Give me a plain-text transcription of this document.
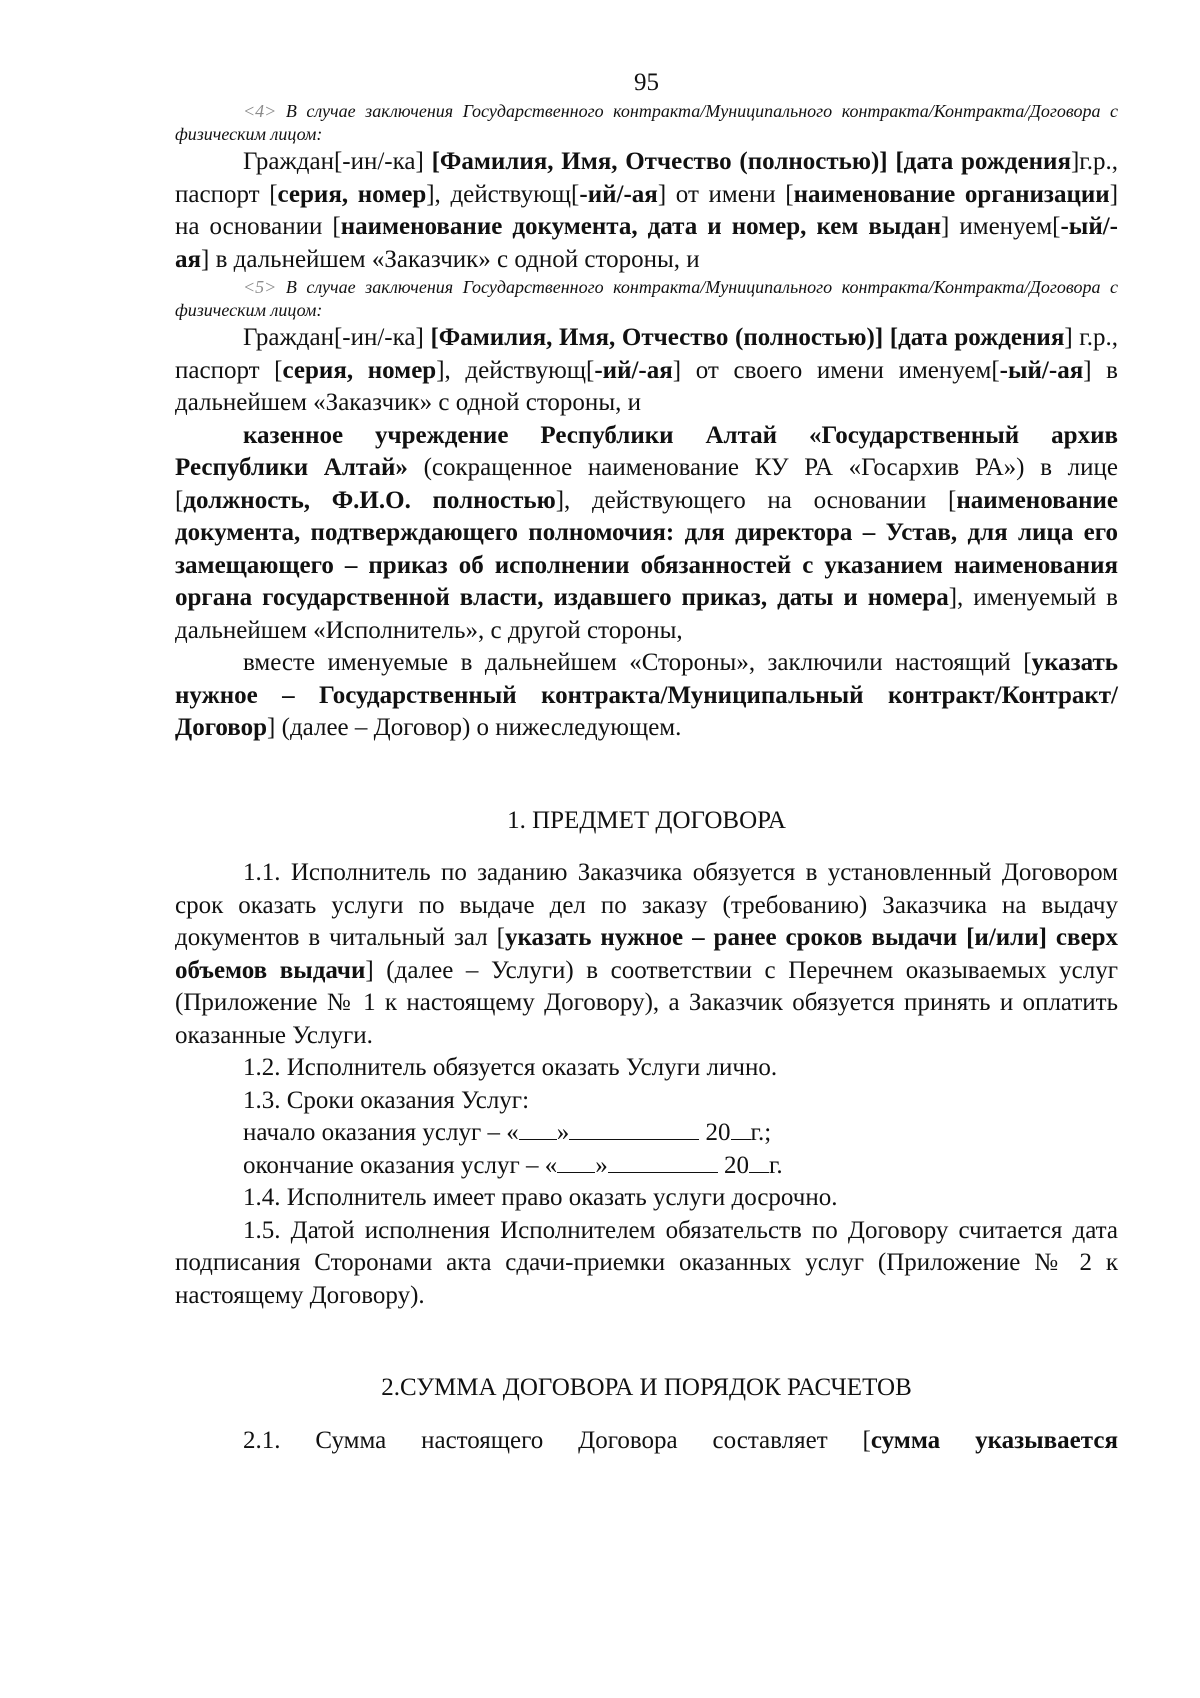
95

<4> В случае заключения Государственного контракта/Муниципального контракта/Контракта/Договора с физическим лицом:

Граждан[-ин/-ка] [Фамилия, Имя, Отчество (полностью)] [дата рождения]г.р., паспорт [серия, номер], действующ[-ий/-ая] от имени [наименование организации] на основании [наименование документа, дата и номер, кем выдан] именуем[-ый/-ая] в дальнейшем «Заказчик» с одной стороны, и

<5> В случае заключения Государственного контракта/Муниципального контракта/Контракта/Договора с физическим лицом:

Граждан[-ин/-ка] [Фамилия, Имя, Отчество (полностью)] [дата рождения] г.р., паспорт [серия, номер], действующ[-ий/-ая] от своего имени именуем[-ый/-ая] в дальнейшем «Заказчик» с одной стороны, и

казенное учреждение Республики Алтай «Государственный архив Республики Алтай» (сокращенное наименование КУ РА «Госархив РА») в лице [должность, Ф.И.О. полностью], действующего на основании [наименование документа, подтверждающего полномочия: для директора – Устав, для лица его замещающего – приказ об исполнении обязанностей с указанием наименования органа государственной власти, издавшего приказ, даты и номера], именуемый в дальнейшем «Исполнитель», с другой стороны,

вместе именуемые в дальнейшем «Стороны», заключили настоящий [указать нужное – Государственный контракта/Муниципальный контракт/Контракт/Договор] (далее – Договор) о нижеследующем.

1. ПРЕДМЕТ ДОГОВОРА

1.1. Исполнитель по заданию Заказчика обязуется в установленный Договором срок оказать услуги по выдаче дел по заказу (требованию) Заказчика на выдачу документов в читальный зал [указать нужное – ранее сроков выдачи [и/или] сверх объемов выдачи] (далее – Услуги) в соответствии с Перечнем оказываемых услуг (Приложение № 1 к настоящему Договору), а Заказчик обязуется принять и оплатить оказанные Услуги.

1.2. Исполнитель обязуется оказать Услуги лично.

1.3. Сроки оказания Услуг:

начало оказания услуг – « »	20 г.;

окончание оказания услуг – « »	20 г.

1.4. Исполнитель имеет право оказать услуги досрочно.

1.5. Датой исполнения Исполнителем обязательств по Договору считается дата подписания Сторонами акта сдачи-приемки оказанных услуг (Приложение № 2 к настоящему Договору).

2.СУММА ДОГОВОРА И ПОРЯДОК РАСЧЕТОВ

2.1. Сумма настоящего Договора составляет [сумма указывается
